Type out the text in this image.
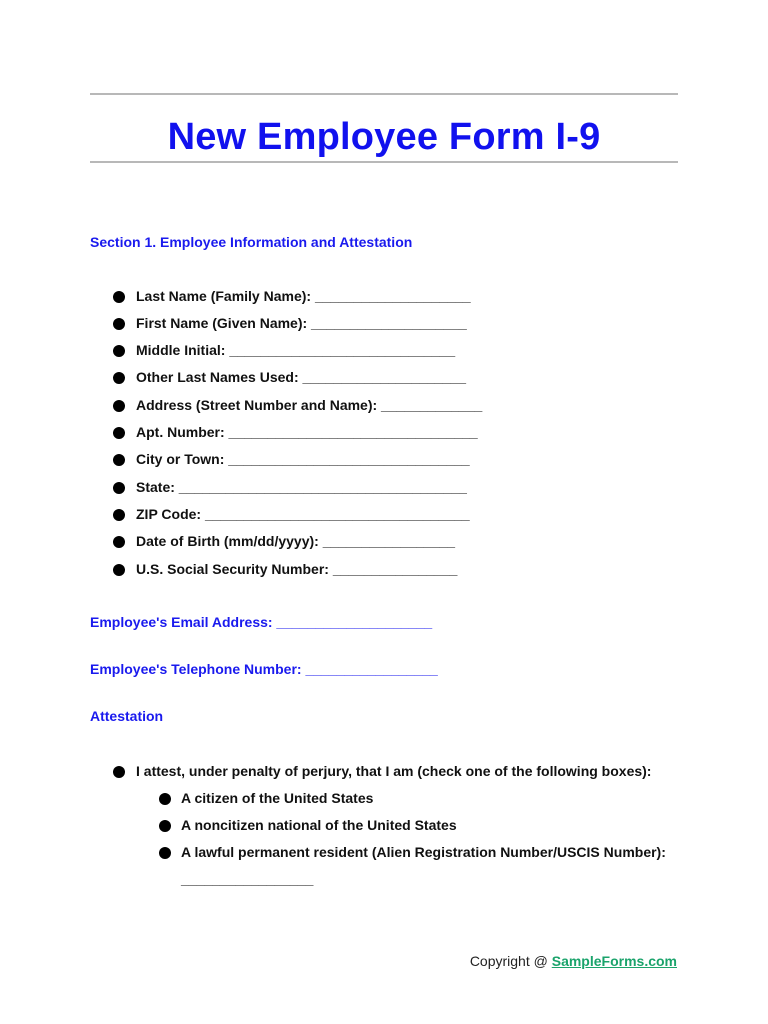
New Employee Form I-9
Section 1. Employee Information and Attestation
Last Name (Family Name): ____________________
First Name (Given Name): ____________________
Middle Initial: _____________________________
Other Last Names Used: _____________________
Address (Street Number and Name): _____________
Apt. Number: ________________________________
City or Town: _______________________________
State: _____________________________________
ZIP Code: __________________________________
Date of Birth (mm/dd/yyyy): _________________
U.S. Social Security Number: ________________
Employee's Email Address: ____________________
Employee's Telephone Number: _________________
Attestation
I attest, under penalty of perjury, that I am (check one of the following boxes):
A citizen of the United States
A noncitizen national of the United States
A lawful permanent resident (Alien Registration Number/USCIS Number):
_________________
Copyright @ SampleForms.com
